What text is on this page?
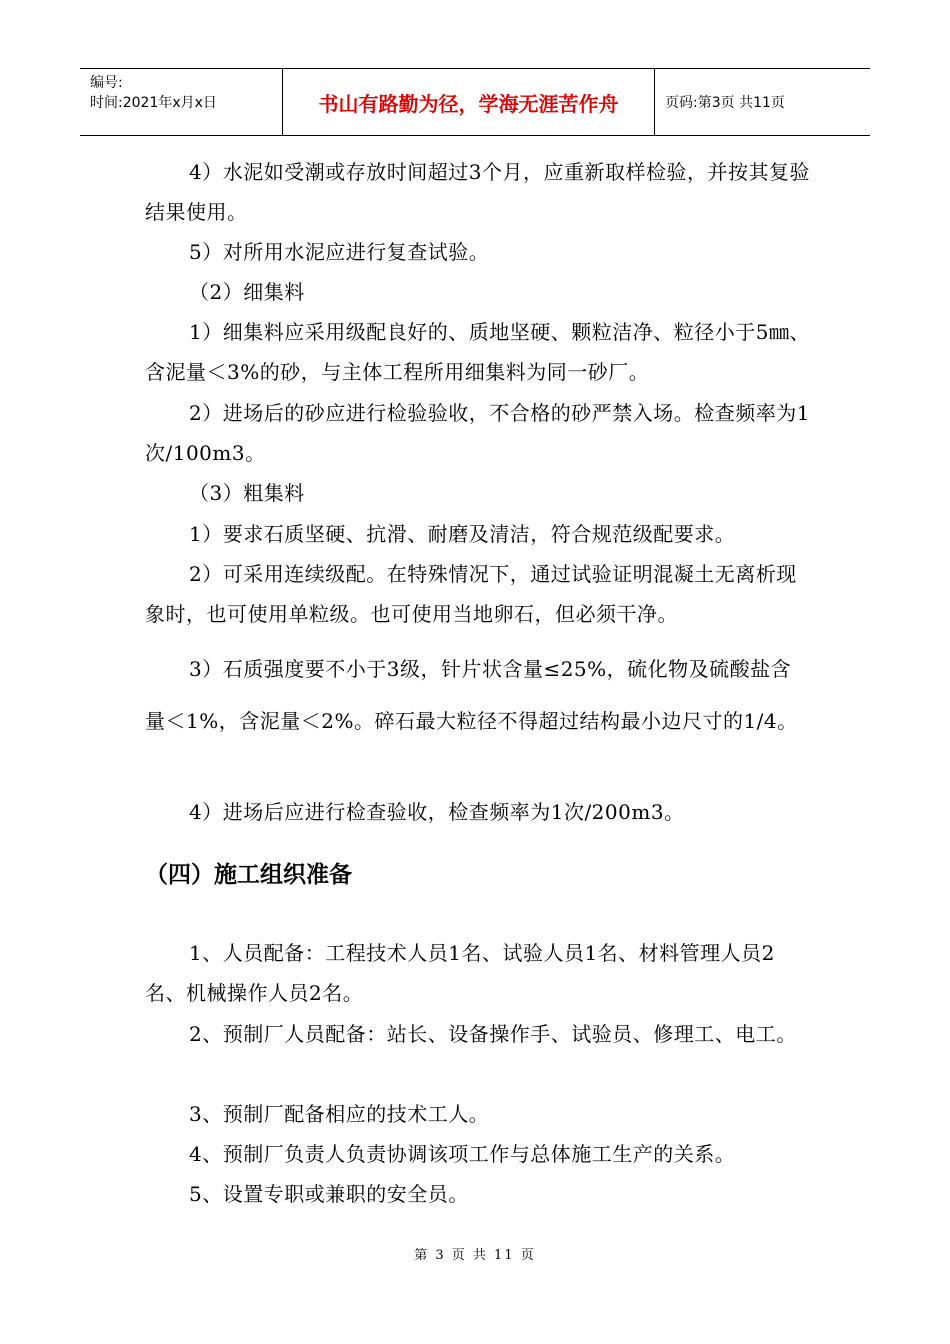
编号:
时间:2021年x月x日	书山有路勤为径，学海无涯苦作舟	页码:第3页 共11页
4）水泥如受潮或存放时间超过3个月，应重新取样检验，并按其复验结果使用。
5）对所用水泥应进行复查试验。
（2）细集料
1）细集料应采用级配良好的、质地坚硬、颗粒洁净、粒径小于5㎜、含泥量＜3%的砂，与主体工程所用细集料为同一砂厂。
2）进场后的砂应进行检验验收，不合格的砂严禁入场。检查频率为1次/100m3。
（3）粗集料
1）要求石质坚硬、抗滑、耐磨及清洁，符合规范级配要求。
2）可采用连续级配。在特殊情况下，通过试验证明混凝土无离析现象时，也可使用单粒级。也可使用当地卵石，但必须干净。
3）石质强度要不小于3级，针片状含量≤25%，硫化物及硫酸盐含量＜1%，含泥量＜2%。碎石最大粒径不得超过结构最小边尺寸的1/4。
4）进场后应进行检查验收，检查频率为1次/200m3。
（四）施工组织准备
1、人员配备：工程技术人员1名、试验人员1名、材料管理人员2名、机械操作人员2名。
2、预制厂人员配备：站长、设备操作手、试验员、修理工、电工。
3、预制厂配备相应的技术工人。
4、预制厂负责人负责协调该项工作与总体施工生产的关系。
5、设置专职或兼职的安全员。
第 3 页 共 11 页
